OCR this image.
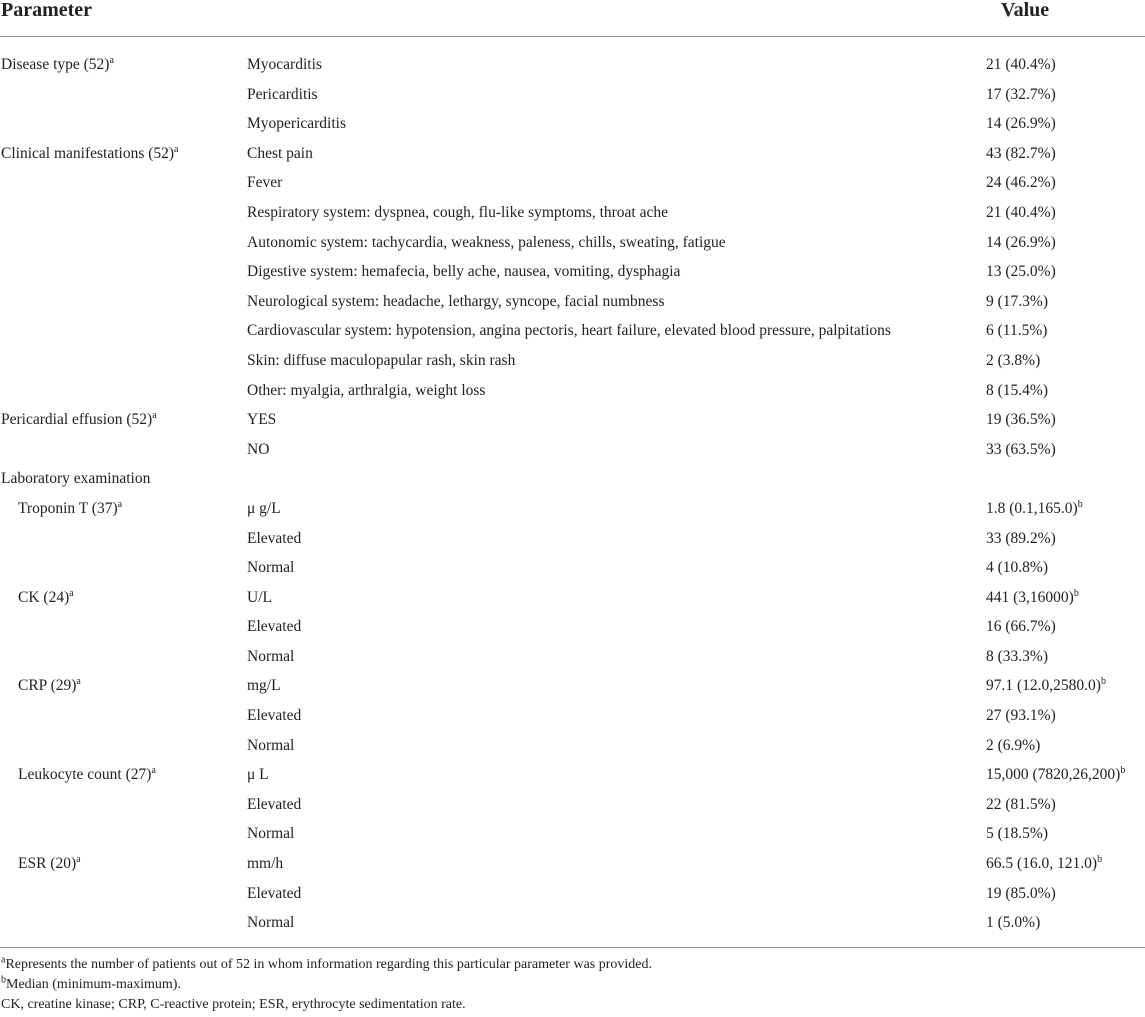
Parameter	Value
Disease type $(52)^a$	Myocarditis	21 (40.4%)
Pericarditis	17 (32.7%)
Myopericarditis	14 (26.9%)
Clinical manifestations $(52)^a$	Chest pain	43 (82.7%)
Fever	24 (46.2%)
Respiratory system: dyspnea, cough, flu-like symptoms, throat ache	21 (40.4%)
Autonomic system: tachycardia, weakness, paleness, chills, sweating, fatigue	14 (26.9%)
Digestive system: hemafecia, belly ache, nausea, vomiting, dysphagia	13 (25.0%)
Neurological system: headache, lethargy, syncope, facial numbness	9 (17.3%)
Cardiovascular system: hypotension, angina pectoris, heart failure, elevated blood pressure, palpitations	6 (11.5%)
Skin: diffuse maculopapular rash, skin rash	2 (3.8%)
Other: myalgia, arthralgia, weight loss	8 (15.4%)
Pericardial effusion $(52)^a$	YES	19 (36.5%)
NO	33 (63.5%)
Laboratory examination
Troponin T $(37)^a$	μ g/L	1.8 $(0.1,165.0)^b$
Elevated	33 (89.2%)
Normal	4 (10.8%)
CK $(24)^a$	U/L	441 $(3,16000)^b$
Elevated	16 (66.7%)
Normal	8 (33.3%)
CRP $(29)^a$	mg/L	97.1 $(12.0,2580.0)^b$
Elevated	27 (93.1%)
Normal	2 (6.9%)
Leukocyte count $(27)^a$	μ L	15,000 $(7820,26,200)^b$
Elevated	22 (81.5%)
Normal	5 (18.5%)
ESR $(20)^a$	mm/h	66.5 (16.0, 121.0)$^b$
Elevated	19 (85.0%)
Normal	1 (5.0%)
$^a$Represents the number of patients out of 52 in whom information regarding this particular parameter was provided.
$^b$Median (minimum-maximum).
CK, creatine kinase; CRP, C-reactive protein; ESR, erythrocyte sedimentation rate.
